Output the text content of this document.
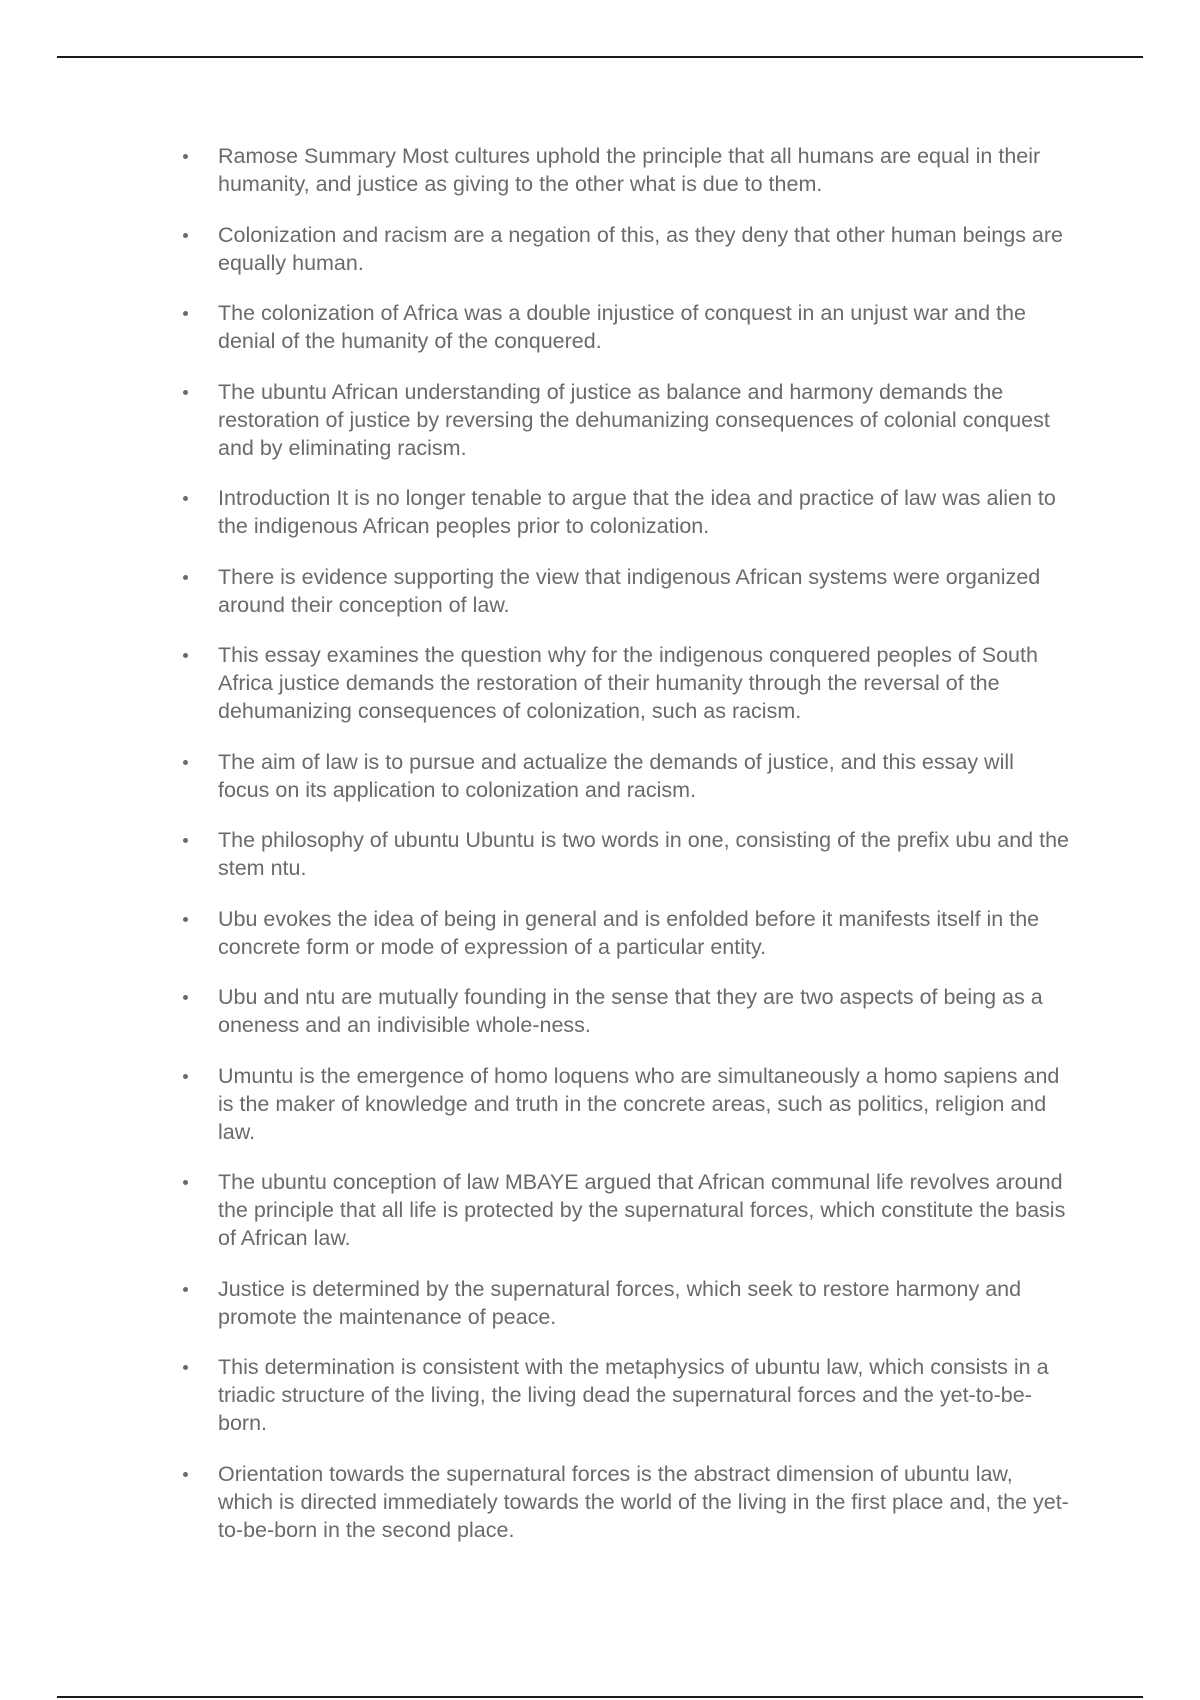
Ramose Summary Most cultures uphold the principle that all humans are equal in their humanity, and justice as giving to the other what is due to them.
Colonization and racism are a negation of this, as they deny that other human beings are equally human.
The colonization of Africa was a double injustice of conquest in an unjust war and the denial of the humanity of the conquered.
The ubuntu African understanding of justice as balance and harmony demands the restoration of justice by reversing the dehumanizing consequences of colonial conquest and by eliminating racism.
Introduction It is no longer tenable to argue that the idea and practice of law was alien to the indigenous African peoples prior to colonization.
There is evidence supporting the view that indigenous African systems were organized around their conception of law.
This essay examines the question why for the indigenous conquered peoples of South Africa justice demands the restoration of their humanity through the reversal of the dehumanizing consequences of colonization, such as racism.
The aim of law is to pursue and actualize the demands of justice, and this essay will focus on its application to colonization and racism.
The philosophy of ubuntu Ubuntu is two words in one, consisting of the prefix ubu and the stem ntu.
Ubu evokes the idea of being in general and is enfolded before it manifests itself in the concrete form or mode of expression of a particular entity.
Ubu and ntu are mutually founding in the sense that they are two aspects of being as a oneness and an indivisible whole-ness.
Umuntu is the emergence of homo loquens who are simultaneously a homo sapiens and is the maker of knowledge and truth in the concrete areas, such as politics, religion and law.
The ubuntu conception of law MBAYE argued that African communal life revolves around the principle that all life is protected by the supernatural forces, which constitute the basis of African law.
Justice is determined by the supernatural forces, which seek to restore harmony and promote the maintenance of peace.
This determination is consistent with the metaphysics of ubuntu law, which consists in a triadic structure of the living, the living dead the supernatural forces and the yet-to-be-born.
Orientation towards the supernatural forces is the abstract dimension of ubuntu law, which is directed immediately towards the world of the living in the first place and, the yet-to-be-born in the second place.
